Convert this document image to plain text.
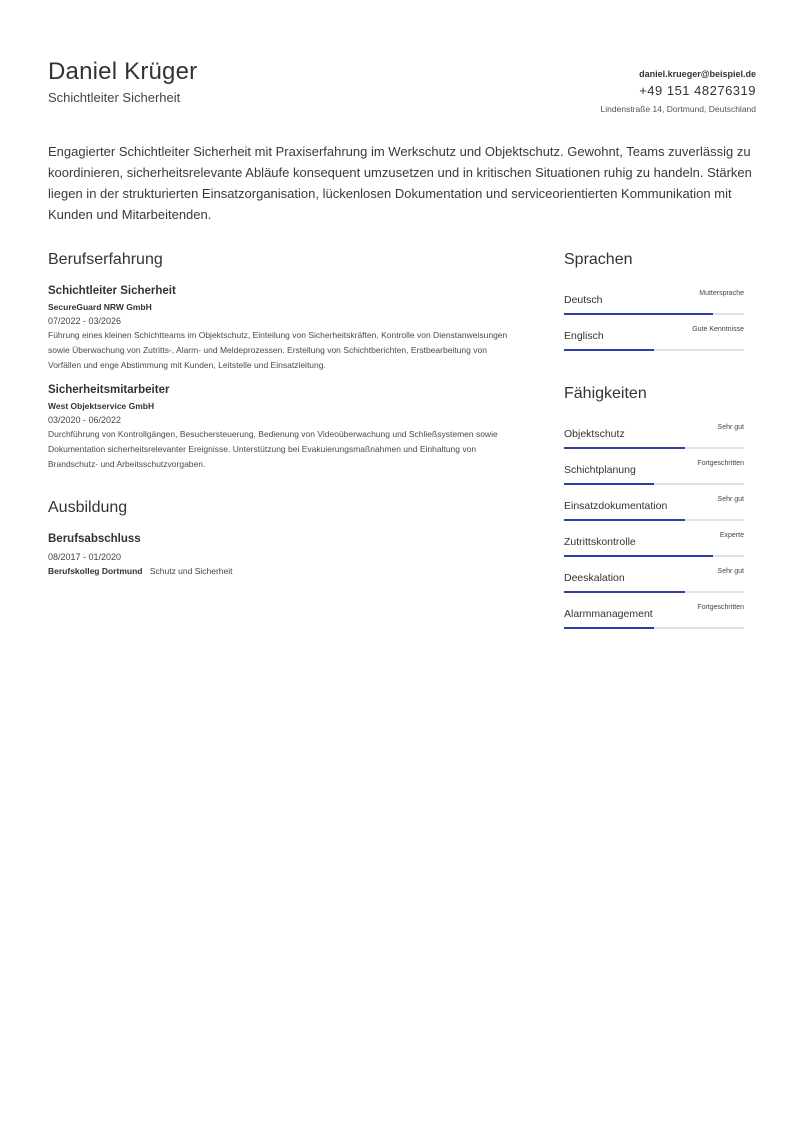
Daniel Krüger
Schichtleiter Sicherheit
daniel.krueger@beispiel.de
+49 151 48276319
Lindenstraße 14, Dortmund, Deutschland
Engagierter Schichtleiter Sicherheit mit Praxiserfahrung im Werkschutz und Objektschutz. Gewohnt, Teams zuverlässig zu koordinieren, sicherheitsrelevante Abläufe konsequent umzusetzen und in kritischen Situationen ruhig zu handeln. Stärken liegen in der strukturierten Einsatzorganisation, lückenlosen Dokumentation und serviceorientierten Kommunikation mit Kunden und Mitarbeitenden.
Berufserfahrung
Schichtleiter Sicherheit
SecureGuard NRW GmbH
07/2022 - 03/2026
Führung eines kleinen Schichtteams im Objektschutz, Einteilung von Sicherheitskräften, Kontrolle von Dienstanweisungen sowie Überwachung von Zutritts-, Alarm- und Meldeprozessen. Erstellung von Schichtberichten, Erstbearbeitung von Vorfällen und enge Abstimmung mit Kunden, Leitstelle und Einsatzleitung.
Sicherheitsmitarbeiter
West Objektservice GmbH
03/2020 - 06/2022
Durchführung von Kontrollgängen, Besuchersteuerung, Bedienung von Videoüberwachung und Schließsystemen sowie Dokumentation sicherheitsrelevanter Ereignisse. Unterstützung bei Evakuierungsmaßnahmen und Einhaltung von Brandschutz- und Arbeitsschutzvorgaben.
Ausbildung
Berufsabschluss
08/2017 - 01/2020
Berufskolleg Dortmund Schutz und Sicherheit
Sprachen
Deutsch
Muttersprache
Englisch
Gute Kenntnisse
Fähigkeiten
Objektschutz
Sehr gut
Schichtplanung
Fortgeschritten
Einsatzdokumentation
Sehr gut
Zutrittskontrolle
Experte
Deeskalation
Sehr gut
Alarmmanagement
Fortgeschritten
